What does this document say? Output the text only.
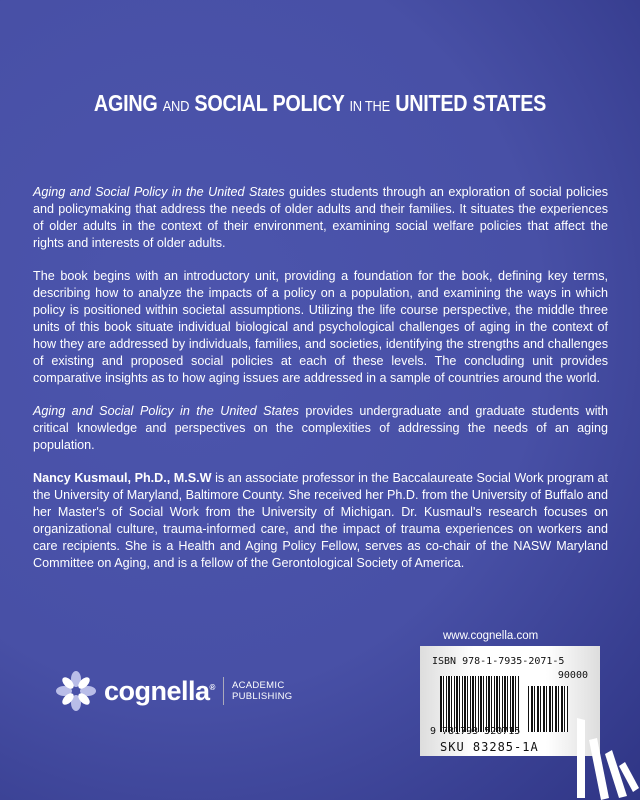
AGING AND SOCIAL POLICY IN THE UNITED STATES

Aging and Social Policy in the United States guides students through an exploration of social policies and policymaking that address the needs of older adults and their families. It situates the experiences of older adults in the context of their environment, examining social welfare policies that affect the rights and interests of older adults.

The book begins with an introductory unit, providing a foundation for the book, defining key terms, describing how to analyze the impacts of a policy on a population, and examining the ways in which policy is positioned within societal assumptions. Utilizing the life course perspective, the middle three units of this book situate individual biological and psychological challenges of aging in the context of how they are addressed by individuals, families, and societies, identifying the strengths and challenges of existing and proposed social policies at each of these levels. The concluding unit provides comparative insights as to how aging issues are addressed in a sample of countries around the world.

Aging and Social Policy in the United States provides undergraduate and graduate students with critical knowledge and perspectives on the complexities of addressing the needs of an aging population.

Nancy Kusmaul, Ph.D., M.S.W is an associate professor in the Baccalaureate Social Work program at the University of Maryland, Baltimore County. She received her Ph.D. from the University of Buffalo and her Master's of Social Work from the University of Michigan. Dr. Kusmaul's research focuses on organizational culture, trauma-informed care, and the impact of trauma experiences on workers and care recipients. She is a Health and Aging Policy Fellow, serves as co-chair of the NASW Maryland Committee on Aging, and is a fellow of the Gerontological Society of America.

cognella® ACADEMIC
PUBLISHING
www.cognella.com
ISBN 978-1-7935-2071-5
90000
9 781793 520715
SKU 83285-1A
